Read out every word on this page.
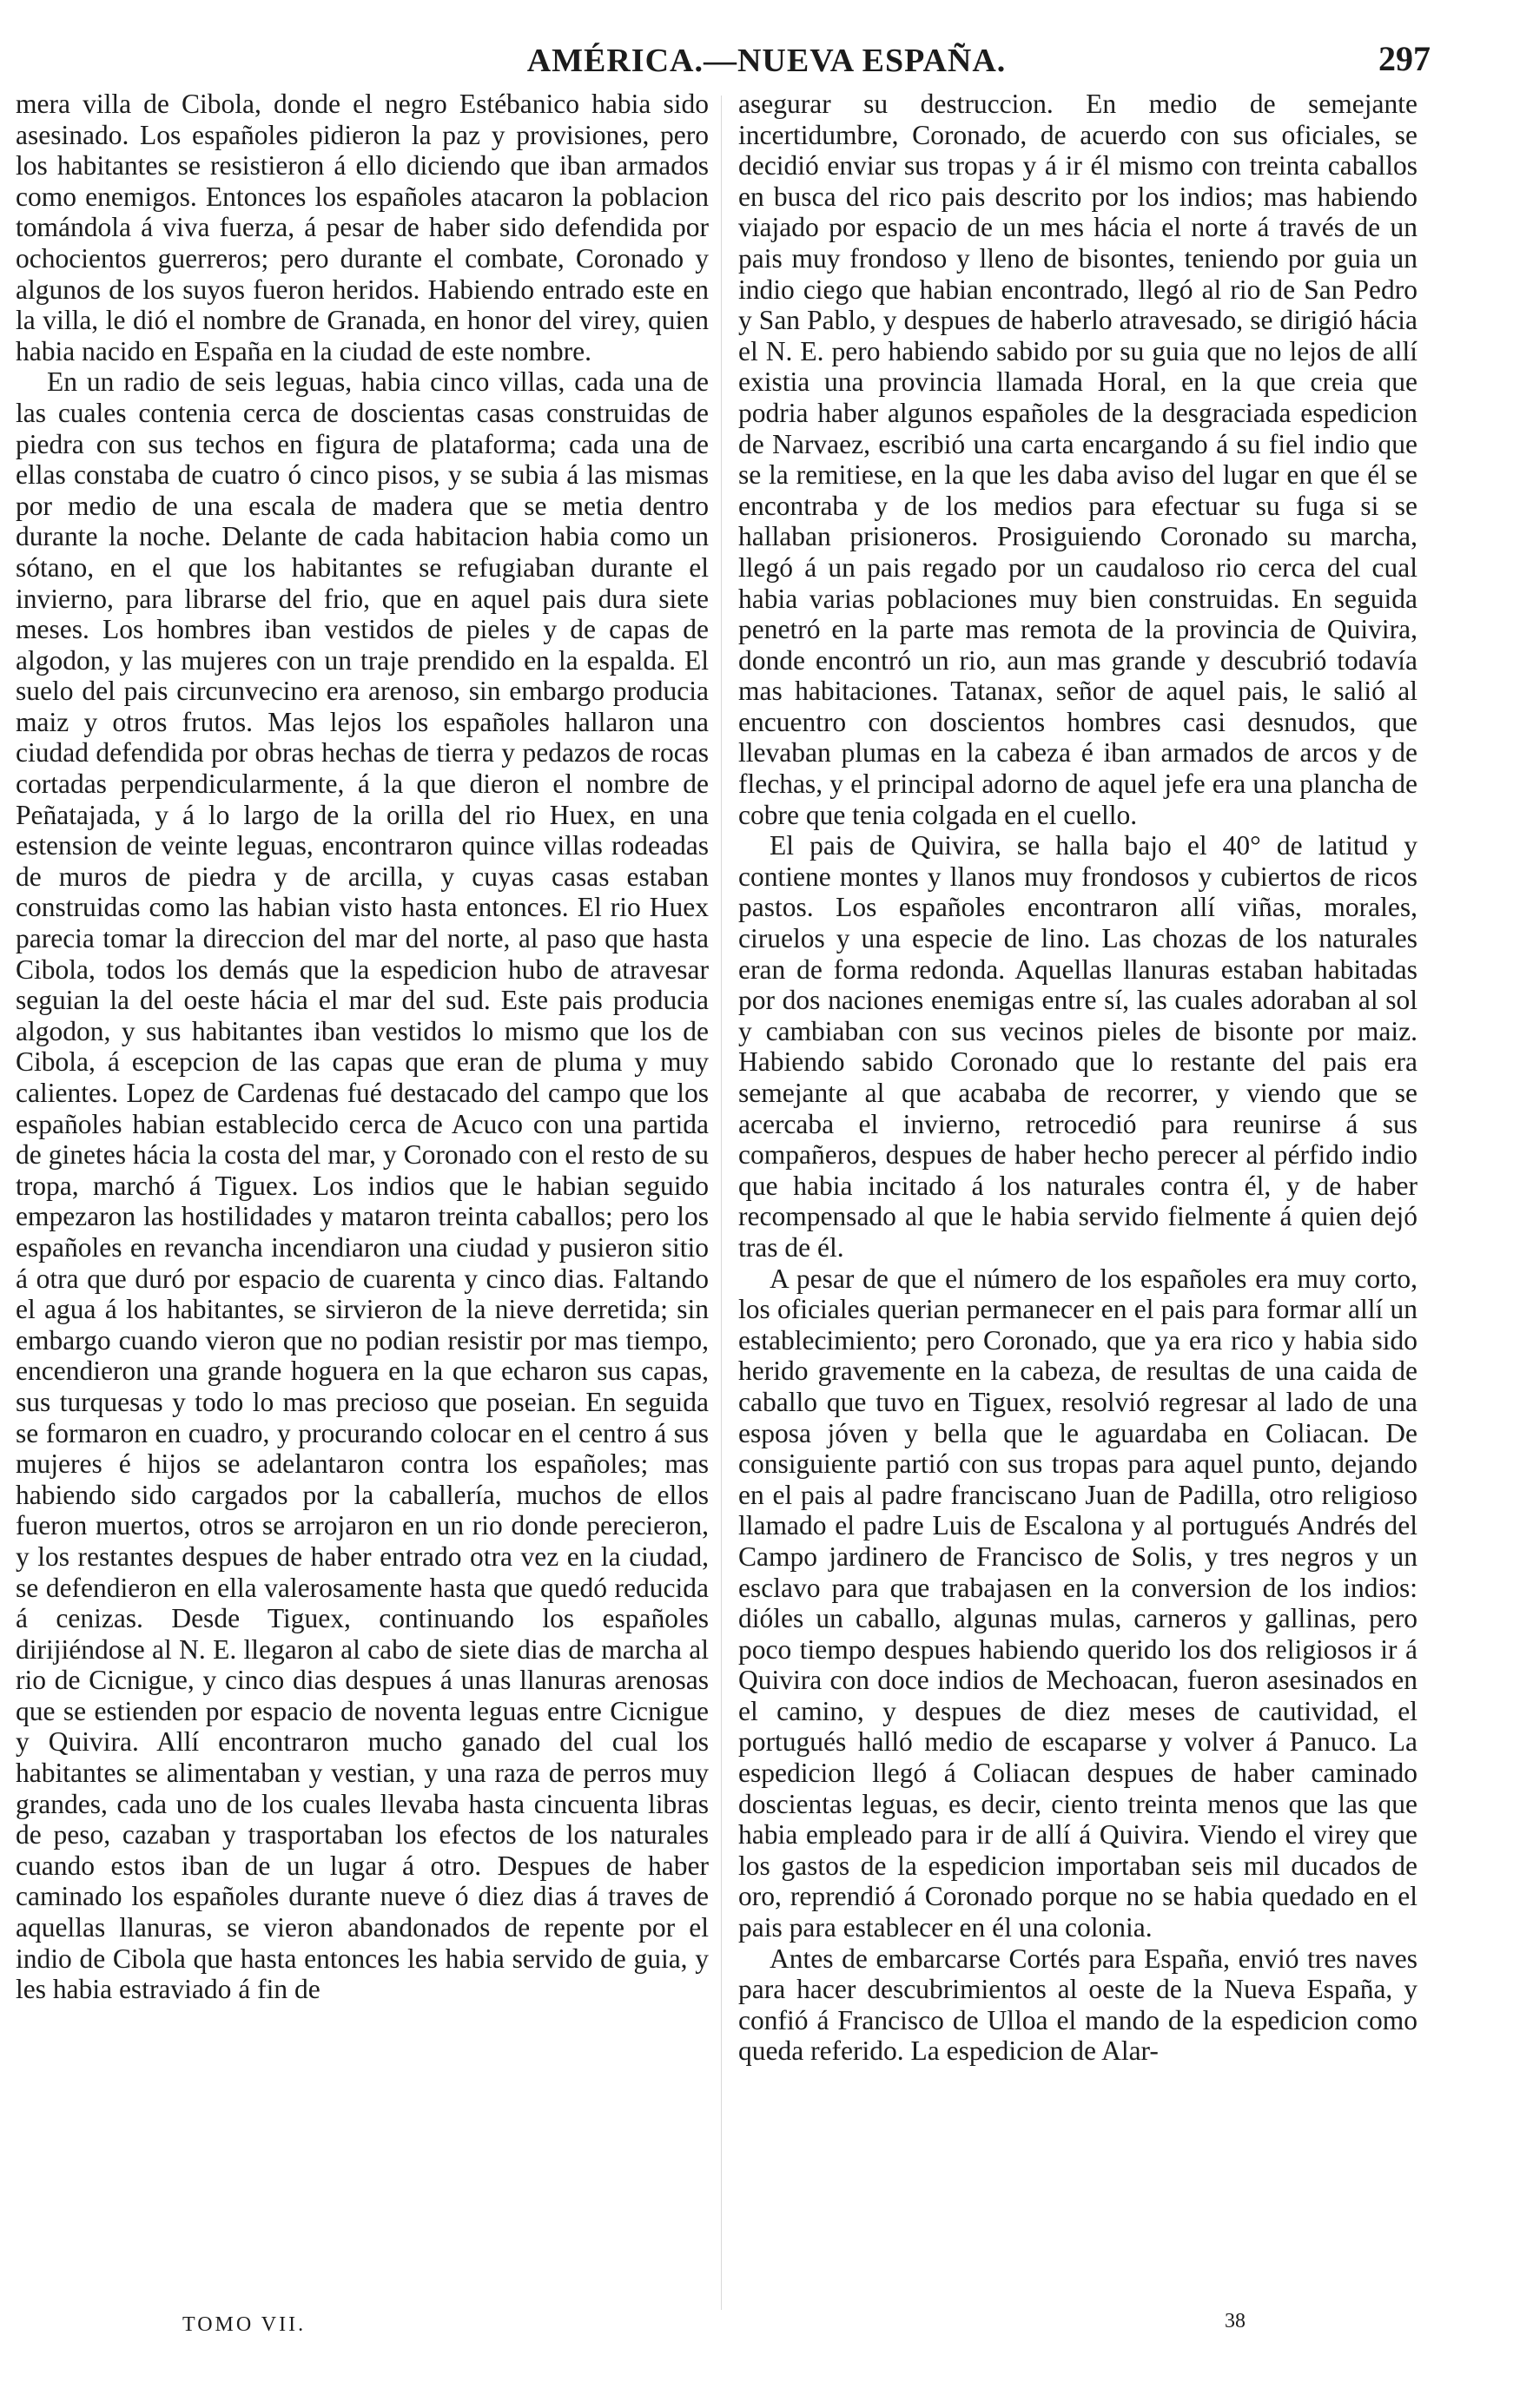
AMÉRICA.—NUEVA ESPAÑA.	297

mera villa de Cibola, donde el negro Estébanico habia sido asesinado. Los españoles pidieron la paz y provisiones, pero los habitantes se resistieron á ello diciendo que iban armados como enemigos. Entonces los españoles atacaron la poblacion tomándola á viva fuerza, á pesar de haber sido defendida por ochocientos guerreros; pero durante el combate, Coronado y algunos de los suyos fueron heridos. Habiendo entrado este en la villa, le dió el nombre de Granada, en honor del virey, quien habia nacido en España en la ciudad de este nombre.

En un radio de seis leguas, habia cinco villas, cada una de las cuales contenia cerca de doscientas casas construidas de piedra con sus techos en figura de plataforma; cada una de ellas constaba de cuatro ó cinco pisos, y se subia á las mismas por medio de una escala de madera que se metia dentro durante la noche. Delante de cada habitacion habia como un sótano, en el que los habitantes se refugiaban durante el invierno, para librarse del frio, que en aquel pais dura siete meses. Los hombres iban vestidos de pieles y de capas de algodon, y las mujeres con un traje prendido en la espalda. El suelo del pais circunvecino era arenoso, sin embargo producia maiz y otros frutos. Mas lejos los españoles hallaron una ciudad defendida por obras hechas de tierra y pedazos de rocas cortadas perpendicularmente, á la que dieron el nombre de Peñatajada, y á lo largo de la orilla del rio Huex, en una estension de veinte leguas, encontraron quince villas rodeadas de muros de piedra y de arcilla, y cuyas casas estaban construidas como las habian visto hasta entonces. El rio Huex parecia tomar la direccion del mar del norte, al paso que hasta Cibola, todos los demás que la espedicion hubo de atravesar seguian la del oeste hácia el mar del sud. Este pais producia algodon, y sus habitantes iban vestidos lo mismo que los de Cibola, á escepcion de las capas que eran de pluma y muy calientes. Lopez de Cardenas fué destacado del campo que los españoles habian establecido cerca de Acuco con una partida de ginetes hácia la costa del mar, y Coronado con el resto de su tropa, marchó á Tiguex. Los indios que le habian seguido empezaron las hostilidades y mataron treinta caballos; pero los españoles en revancha incendiaron una ciudad y pusieron sitio á otra que duró por espacio de cuarenta y cinco dias. Faltando el agua á los habitantes, se sirvieron de la nieve derretida; sin embargo cuando vieron que no podian resistir por mas tiempo, encendieron una grande hoguera en la que echaron sus capas, sus turquesas y todo lo mas precioso que poseian. En seguida se formaron en cuadro, y procurando colocar en el centro á sus mujeres é hijos se adelantaron contra los españoles; mas habiendo sido cargados por la caballería, muchos de ellos fueron muertos, otros se arrojaron en un rio donde perecieron, y los restantes despues de haber entrado otra vez en la ciudad, se defendieron en ella valerosamente hasta que quedó reducida á cenizas. Desde Tiguex, continuando los españoles dirijiéndose al N. E. llegaron al cabo de siete dias de marcha al rio de Cicnigue, y cinco dias despues á unas llanuras arenosas que se estienden por espacio de noventa leguas entre Cicnigue y Quivira. Allí encontraron mucho ganado del cual los habitantes se alimentaban y vestian, y una raza de perros muy grandes, cada uno de los cuales llevaba hasta cincuenta libras de peso, cazaban y trasportaban los efectos de los naturales cuando estos iban de un lugar á otro. Despues de haber caminado los españoles durante nueve ó diez dias á traves de aquellas llanuras, se vieron abandonados de repente por el indio de Cibola que hasta entonces les habia servido de guia, y les habia estraviado á fin de

asegurar su destruccion. En medio de semejante incertidumbre, Coronado, de acuerdo con sus oficiales, se decidió enviar sus tropas y á ir él mismo con treinta caballos en busca del rico pais descrito por los indios; mas habiendo viajado por espacio de un mes hácia el norte á través de un pais muy frondoso y lleno de bisontes, teniendo por guia un indio ciego que habian encontrado, llegó al rio de San Pedro y San Pablo, y despues de haberlo atravesado, se dirigió hácia el N. E. pero habiendo sabido por su guia que no lejos de allí existia una provincia llamada Horal, en la que creia que podria haber algunos españoles de la desgraciada espedicion de Narvaez, escribió una carta encargando á su fiel indio que se la remitiese, en la que les daba aviso del lugar en que él se encontraba y de los medios para efectuar su fuga si se hallaban prisioneros. Prosiguiendo Coronado su marcha, llegó á un pais regado por un caudaloso rio cerca del cual habia varias poblaciones muy bien construidas. En seguida penetró en la parte mas remota de la provincia de Quivira, donde encontró un rio, aun mas grande y descubrió todavía mas habitaciones. Tatanax, señor de aquel pais, le salió al encuentro con doscientos hombres casi desnudos, que llevaban plumas en la cabeza é iban armados de arcos y de flechas, y el principal adorno de aquel jefe era una plancha de cobre que tenia colgada en el cuello.

El pais de Quivira, se halla bajo el 40° de latitud y contiene montes y llanos muy frondosos y cubiertos de ricos pastos. Los españoles encontraron allí viñas, morales, ciruelos y una especie de lino. Las chozas de los naturales eran de forma redonda. Aquellas llanuras estaban habitadas por dos naciones enemigas entre sí, las cuales adoraban al sol y cambiaban con sus vecinos pieles de bisonte por maiz. Habiendo sabido Coronado que lo restante del pais era semejante al que acababa de recorrer, y viendo que se acercaba el invierno, retrocedió para reunirse á sus compañeros, despues de haber hecho perecer al pérfido indio que habia incitado á los naturales contra él, y de haber recompensado al que le habia servido fielmente á quien dejó tras de él.

A pesar de que el número de los españoles era muy corto, los oficiales querian permanecer en el pais para formar allí un establecimiento; pero Coronado, que ya era rico y habia sido herido gravemente en la cabeza, de resultas de una caida de caballo que tuvo en Tiguex, resolvió regresar al lado de una esposa jóven y bella que le aguardaba en Coliacan. De consiguiente partió con sus tropas para aquel punto, dejando en el pais al padre franciscano Juan de Padilla, otro religioso llamado el padre Luis de Escalona y al portugués Andrés del Campo jardinero de Francisco de Solis, y tres negros y un esclavo para que trabajasen en la conversion de los indios: dióles un caballo, algunas mulas, carneros y gallinas, pero poco tiempo despues habiendo querido los dos religiosos ir á Quivira con doce indios de Mechoacan, fueron asesinados en el camino, y despues de diez meses de cautividad, el portugués halló medio de escaparse y volver á Panuco. La espedicion llegó á Coliacan despues de haber caminado doscientas leguas, es decir, ciento treinta menos que las que habia empleado para ir de allí á Quivira. Viendo el virey que los gastos de la espedicion importaban seis mil ducados de oro, reprendió á Coronado porque no se habia quedado en el pais para establecer en él una colonia.

Antes de embarcarse Cortés para España, envió tres naves para hacer descubrimientos al oeste de la Nueva España, y confió á Francisco de Ulloa el mando de la espedicion como queda referido. La espedicion de Alar-

TOMO VII.	38
